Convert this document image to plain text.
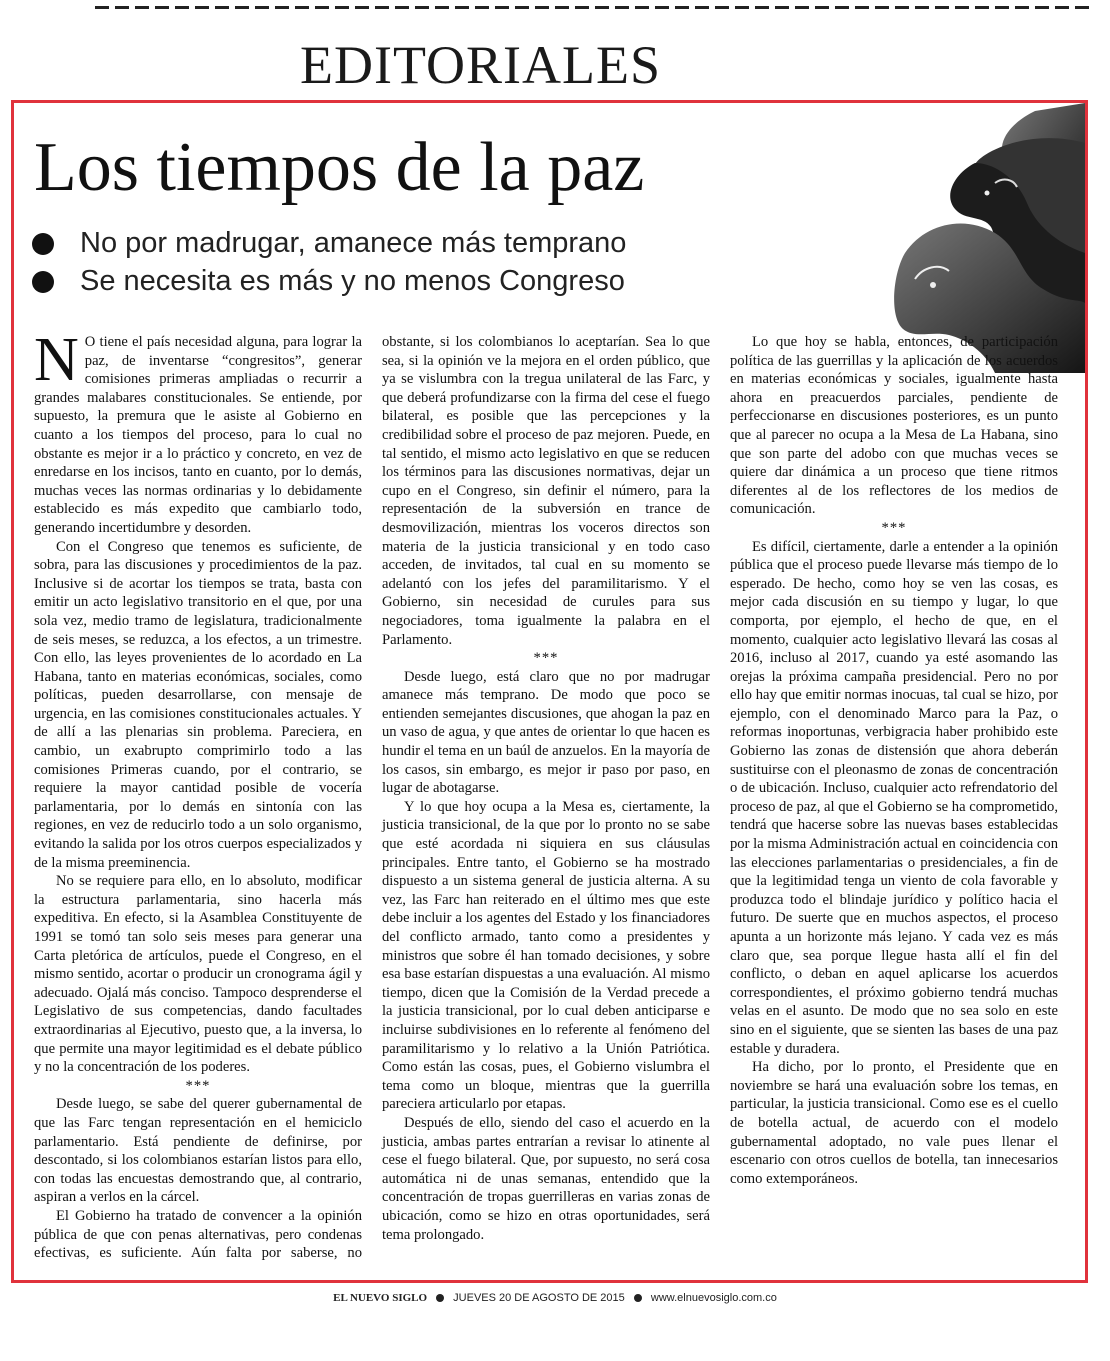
EDITORIALES
Los tiempos de la paz
No por madrugar, amanece más temprano
Se necesita es más y no menos Congreso

N O tiene el país necesidad alguna, para lograr la paz, de inventarse “congresitos”, generar comisiones primeras ampliadas o recurrir a grandes malabares constitucionales. Se entiende, por supuesto, la premura que le asiste al Gobierno en cuanto a los tiempos del proceso, para lo cual no obstante es mejor ir a lo práctico y concreto, en vez de enredarse en los incisos, tanto en cuanto, por lo demás, muchas veces las normas ordinarias y lo debidamente establecido es más expedito que cambiarlo todo, generando incertidumbre y desorden.

Con el Congreso que tenemos es suficiente, de sobra, para las discusiones y procedimientos de la paz. Inclusive si de acortar los tiempos se trata, basta con emitir un acto legislativo transitorio en el que, por una sola vez, medio tramo de legislatura, tradicionalmente de seis meses, se reduzca, a los efectos, a un trimestre. Con ello, las leyes provenientes de lo acordado en La Habana, tanto en materias económicas, sociales, como políticas, pueden desarrollarse, con mensaje de urgencia, en las comisiones constitucionales actuales. Y de allí a las plenarias sin problema. Pareciera, en cambio, un exabrupto comprimirlo todo a las comisiones Primeras cuando, por el contrario, se requiere la mayor cantidad posible de vocería parlamentaria, por lo demás en sintonía con las regiones, en vez de reducirlo todo a un solo organismo, evitando la salida por los otros cuerpos especializados y de la misma preeminencia.

No se requiere para ello, en lo absoluto, modificar la estructura parlamentaria, sino hacerla más expeditiva. En efecto, si la Asamblea Constituyente de 1991 se tomó tan solo seis meses para generar una Carta pletórica de artículos, puede el Congreso, en el mismo sentido, acortar o producir un cronograma ágil y adecuado. Ojalá más conciso. Tampoco desprenderse el Legislativo de sus competencias, dando facultades extraordinarias al Ejecutivo, puesto que, a la inversa, lo que permite una mayor legitimidad es el debate público y no la concentración de los poderes.

***

Desde luego, se sabe del querer gubernamental de que las Farc tengan representación en el hemiciclo parlamentario. Está pendiente de definirse, por descontado, si los colombianos estarían listos para ello, con todas las encuestas demostrando que, al contrario, aspiran a verlos en la cárcel.

El Gobierno ha tratado de convencer a la opinión pública de que con penas alternativas, pero condenas efectivas, es suficiente. Aún falta por saberse, no obstante, si los colombianos lo aceptarían. Sea lo que sea, si la opinión ve la mejora en el orden público, que ya se vislumbra con la tregua unilateral de las Farc, y que deberá profundizarse con la firma del cese el fuego bilateral, es posible que las percepciones y la credibilidad sobre el proceso de paz mejoren. Puede, en tal sentido, el mismo acto legislativo en que se reducen los términos para las discusiones normativas, dejar un cupo en el Congreso, sin definir el número, para la representación de la subversión en trance de desmovilización, mientras los voceros directos son materia de la justicia transicional y en todo caso acceden, de invitados, tal cual en su momento se adelantó con los jefes del paramilitarismo. Y el Gobierno, sin necesidad de curules para sus negociadores, toma igualmente la palabra en el Parlamento.

***

Desde luego, está claro que no por madrugar amanece más temprano. De modo que poco se entienden semejantes discusiones, que ahogan la paz en un vaso de agua, y que antes de orientar lo que hacen es hundir el tema en un baúl de anzuelos. En la mayoría de los casos, sin embargo, es mejor ir paso por paso, en lugar de abotagarse.

Y lo que hoy ocupa a la Mesa es, ciertamente, la justicia transicional, de la que por lo pronto no se sabe que esté acordada ni siquiera en sus cláusulas principales. Entre tanto, el Gobierno se ha mostrado dispuesto a un sistema general de justicia alterna. A su vez, las Farc han reiterado en el último mes que este debe incluir a los agentes del Estado y los financiadores del conflicto armado, tanto como a presidentes y ministros que sobre él han tomado decisiones, y sobre esa base estarían dispuestas a una evaluación. Al mismo tiempo, dicen que la Comisión de la Verdad precede a la justicia transicional, por lo cual deben anticiparse e incluirse subdivisiones en lo referente al fenómeno del paramilitarismo y lo relativo a la Unión Patriótica. Como están las cosas, pues, el Gobierno vislumbra el tema como un bloque, mientras que la guerrilla pareciera articularlo por etapas.

Después de ello, siendo del caso el acuerdo en la justicia, ambas partes entrarían a revisar lo atinente al cese el fuego bilateral. Que, por supuesto, no será cosa automática ni de unas semanas, entendido que la concentración de tropas guerrilleras en varias zonas de ubicación, como se hizo en otras oportunidades, será tema prolongado.

Lo que hoy se habla, entonces, de participación política de las guerrillas y la aplicación de los acuerdos en materias económicas y sociales, igualmente hasta ahora en preacuerdos parciales, pendiente de perfeccionarse en discusiones posteriores, es un punto que al parecer no ocupa a la Mesa de La Habana, sino que son parte del adobo con que muchas veces se quiere dar dinámica a un proceso que tiene ritmos diferentes al de los reflectores de los medios de comunicación.

***

Es difícil, ciertamente, darle a entender a la opinión pública que el proceso puede llevarse más tiempo de lo esperado. De hecho, como hoy se ven las cosas, es mejor cada discusión en su tiempo y lugar, lo que comporta, por ejemplo, el hecho de que, en el momento, cualquier acto legislativo llevará las cosas al 2016, incluso al 2017, cuando ya esté asomando las orejas la próxima campaña presidencial. Pero no por ello hay que emitir normas inocuas, tal cual se hizo, por ejemplo, con el denominado Marco para la Paz, o reformas inoportunas, verbigracia haber prohibido este Gobierno las zonas de distensión que ahora deberán sustituirse con el pleonasmo de zonas de concentración o de ubicación. Incluso, cualquier acto refrendatorio del proceso de paz, al que el Gobierno se ha comprometido, tendrá que hacerse sobre las nuevas bases establecidas por la misma Administración actual en coincidencia con las elecciones parlamentarias o presidenciales, a fin de que la legitimidad tenga un viento de cola favorable y produzca todo el blindaje jurídico y político hacia el futuro. De suerte que en muchos aspectos, el proceso apunta a un horizonte más lejano. Y cada vez es más claro que, sea porque llegue hasta allí el fin del conflicto, o deban en aquel aplicarse los acuerdos correspondientes, el próximo gobierno tendrá muchas velas en el asunto. De modo que no sea solo en este sino en el siguiente, que se sienten las bases de una paz estable y duradera.

Ha dicho, por lo pronto, el Presidente que en noviembre se hará una evaluación sobre los temas, en particular, la justicia transicional. Como ese es el cuello de botella actual, de acuerdo con el modelo gubernamental adoptado, no vale pues llenar el escenario con otros cuellos de botella, tan innecesarios como extemporáneos.

EL NUEVO SIGLO JUEVES 20 DE AGOSTO DE 2015 www.elnuevosiglo.com.co
